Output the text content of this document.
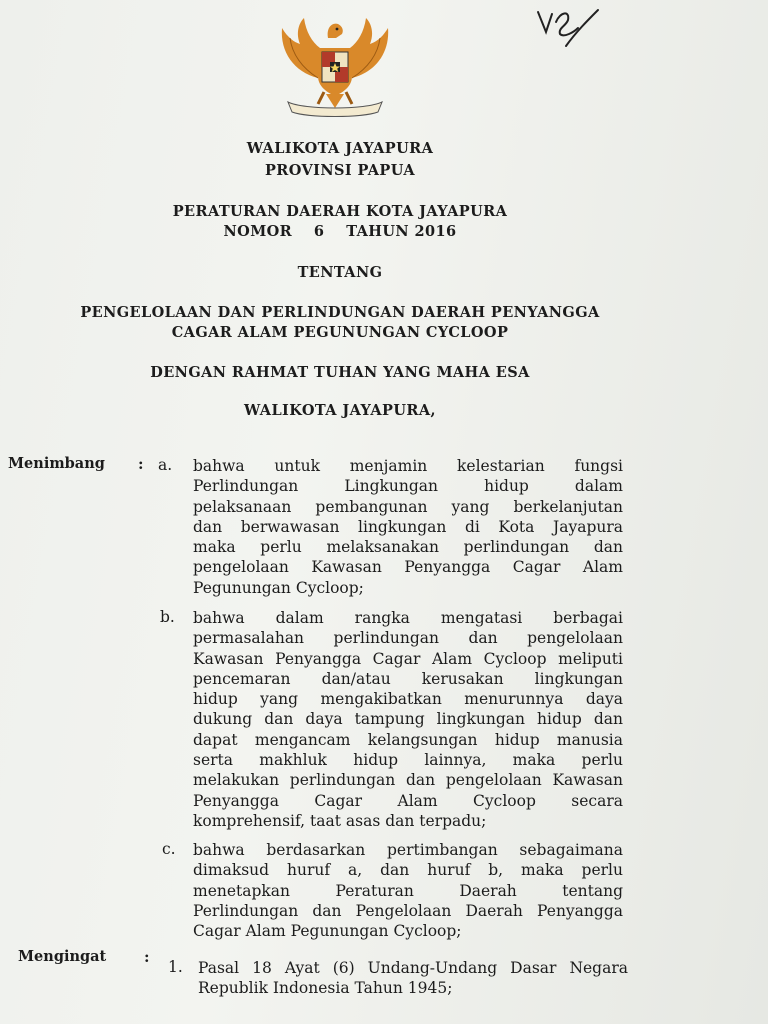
WALIKOTA JAYAPURA
PROVINSI PAPUA
PERATURAN DAERAH KOTA JAYAPURA
NOMOR    6    TAHUN 2016
TENTANG
PENGELOLAAN DAN PERLINDUNGAN DAERAH PENYANGGA
CAGAR ALAM PEGUNUNGAN CYCLOOP
DENGAN RAHMAT TUHAN YANG MAHA ESA
WALIKOTA JAYAPURA,
Menimbang : a. bahwa untuk menjamin kelestarian fungsi
Perlindungan Lingkungan hidup dalam
pelaksanaan pembangunan yang berkelanjutan
dan berwawasan lingkungan di Kota Jayapura
maka perlu melaksanakan perlindungan dan
pengelolaan Kawasan Penyangga Cagar Alam
Pegunungan Cycloop;
b. bahwa dalam rangka mengatasi berbagai
permasalahan perlindungan dan pengelolaan
Kawasan Penyangga Cagar Alam Cycloop meliputi
pencemaran dan/atau kerusakan lingkungan
hidup yang mengakibatkan menurunnya daya
dukung dan daya tampung lingkungan hidup dan
dapat mengancam kelangsungan hidup manusia
serta makhluk hidup lainnya, maka perlu
melakukan perlindungan dan pengelolaan Kawasan
Penyangga Cagar Alam Cycloop secara
komprehensif, taat asas dan terpadu;
c. bahwa berdasarkan pertimbangan sebagaimana
dimaksud huruf a, dan huruf b, maka perlu
menetapkan Peraturan Daerah tentang
Perlindungan dan Pengelolaan Daerah Penyangga
Cagar Alam Pegunungan Cycloop;
Mengingat	:
1. Pasal 18 Ayat (6) Undang-Undang Dasar Negara
Republik Indonesia Tahun 1945;
